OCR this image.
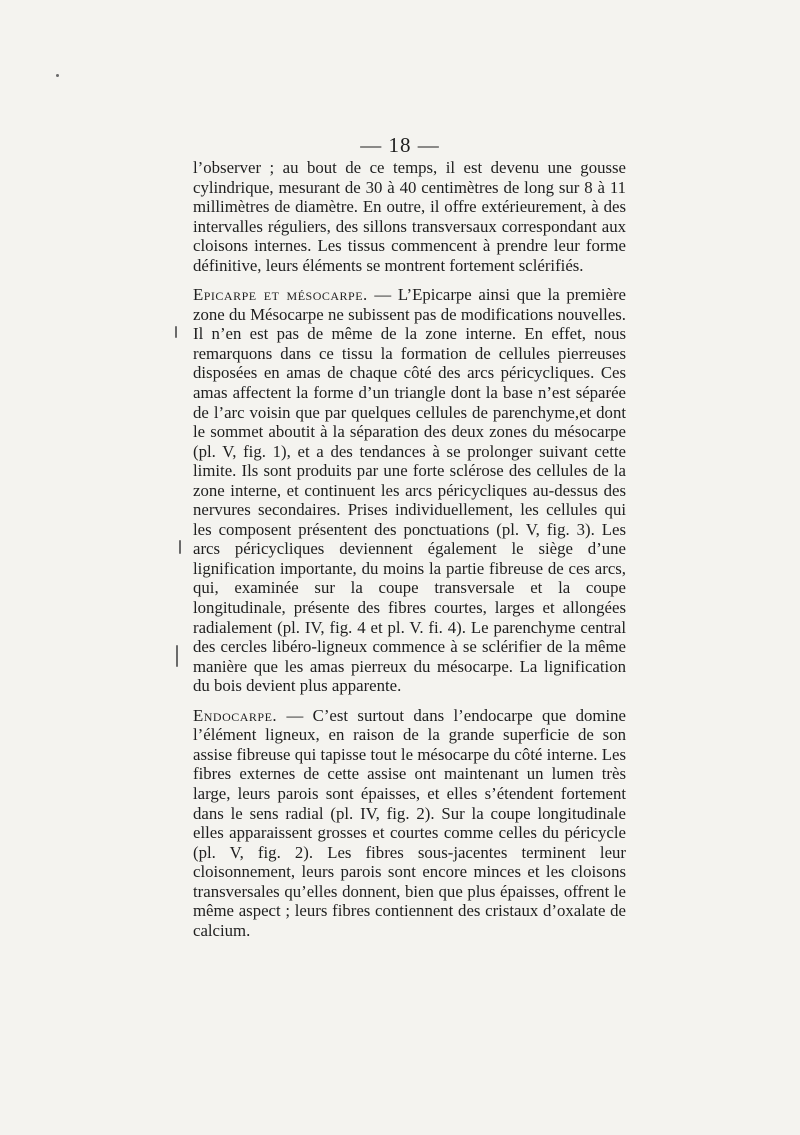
— 18 —

l’observer ; au bout de ce temps, il est devenu une gousse cylindrique, mesurant de 30 à 40 centimètres de long sur 8 à 11 millimètres de diamètre. En outre, il offre extérieurement, à des intervalles réguliers, des sillons transversaux correspondant aux cloisons internes. Les tissus commencent à prendre leur forme définitive, leurs éléments se montrent fortement sclérifiés.

Epicarpe et mésocarpe. — L’Epicarpe ainsi que la première zone du Mésocarpe ne subissent pas de modifications nouvelles. Il n’en est pas de même de la zone interne. En effet, nous remarquons dans ce tissu la formation de cellules pierreuses disposées en amas de chaque côté des arcs péricycliques. Ces amas affectent la forme d’un triangle dont la base n’est séparée de l’arc voisin que par quelques cellules de parenchyme,et dont le sommet aboutit à la séparation des deux zones du mésocarpe (pl. V, fig. 1), et a des tendances à se prolonger suivant cette limite. Ils sont produits par une forte sclérose des cellules de la zone interne, et continuent les arcs péricycliques au-dessus des nervures secondaires. Prises individuellement, les cellules qui les composent présentent des ponctuations (pl. V, fig. 3). Les arcs péricycliques deviennent également le siège d’une lignification importante, du moins la partie fibreuse de ces arcs, qui, examinée sur la coupe transversale et la coupe longitudinale, présente des fibres courtes, larges et allongées radialement (pl. IV, fig. 4 et pl. V. fi. 4). Le parenchyme central des cercles libéro-ligneux commence à se sclérifier de la même manière que les amas pierreux du mésocarpe. La lignification du bois devient plus apparente.

Endocarpe. — C’est surtout dans l’endocarpe que domine l’élément ligneux, en raison de la grande superficie de son assise fibreuse qui tapisse tout le mésocarpe du côté interne. Les fibres externes de cette assise ont maintenant un lumen très large, leurs parois sont épaisses, et elles s’étendent fortement dans le sens radial (pl. IV, fig. 2). Sur la coupe longitudinale elles apparaissent grosses et courtes comme celles du péricycle (pl. V, fig. 2). Les fibres sous-jacentes terminent leur cloisonnement, leurs parois sont encore minces et les cloisons transversales qu’elles donnent, bien que plus épaisses, offrent le même aspect ; leurs fibres contiennent des cristaux d’oxalate de calcium.
